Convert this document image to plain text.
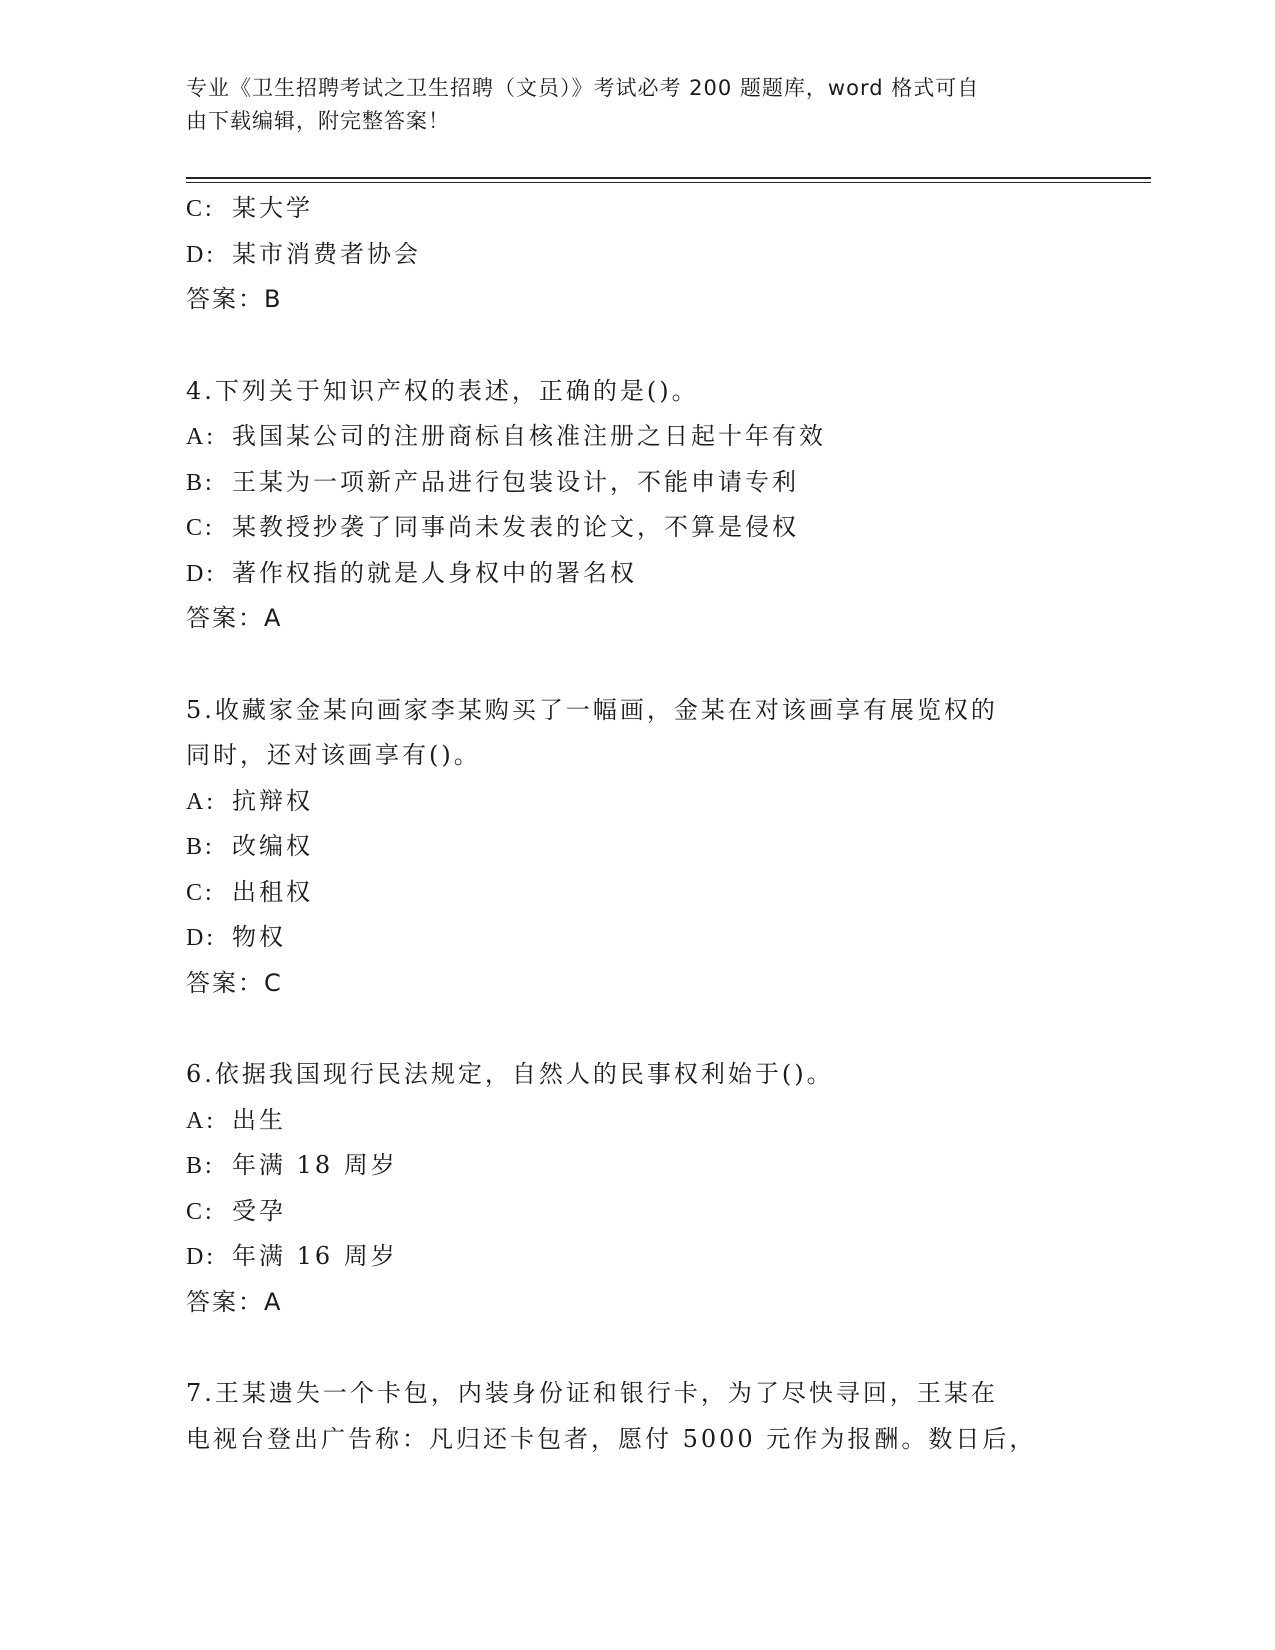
专业《卫生招聘考试之卫生招聘（文员）》考试必考 200 题题库，word 格式可自
由下载编辑，附完整答案！
C: 某大学
D: 某市消费者协会
答案：B
4.下列关于知识产权的表述，正确的是()。
A: 我国某公司的注册商标自核准注册之日起十年有效
B: 王某为一项新产品进行包装设计，不能申请专利
C: 某教授抄袭了同事尚未发表的论文，不算是侵权
D: 著作权指的就是人身权中的署名权
答案：A
5.收藏家金某向画家李某购买了一幅画，金某在对该画享有展览权的
同时，还对该画享有()。
A: 抗辩权
B: 改编权
C: 出租权
D: 物权
答案：C
6.依据我国现行民法规定，自然人的民事权利始于()。
A: 出生
B: 年满 18 周岁
C: 受孕
D: 年满 16 周岁
答案：A
7.王某遗失一个卡包，内装身份证和银行卡，为了尽快寻回，王某在
电视台登出广告称：凡归还卡包者，愿付 5000 元作为报酬。数日后，
